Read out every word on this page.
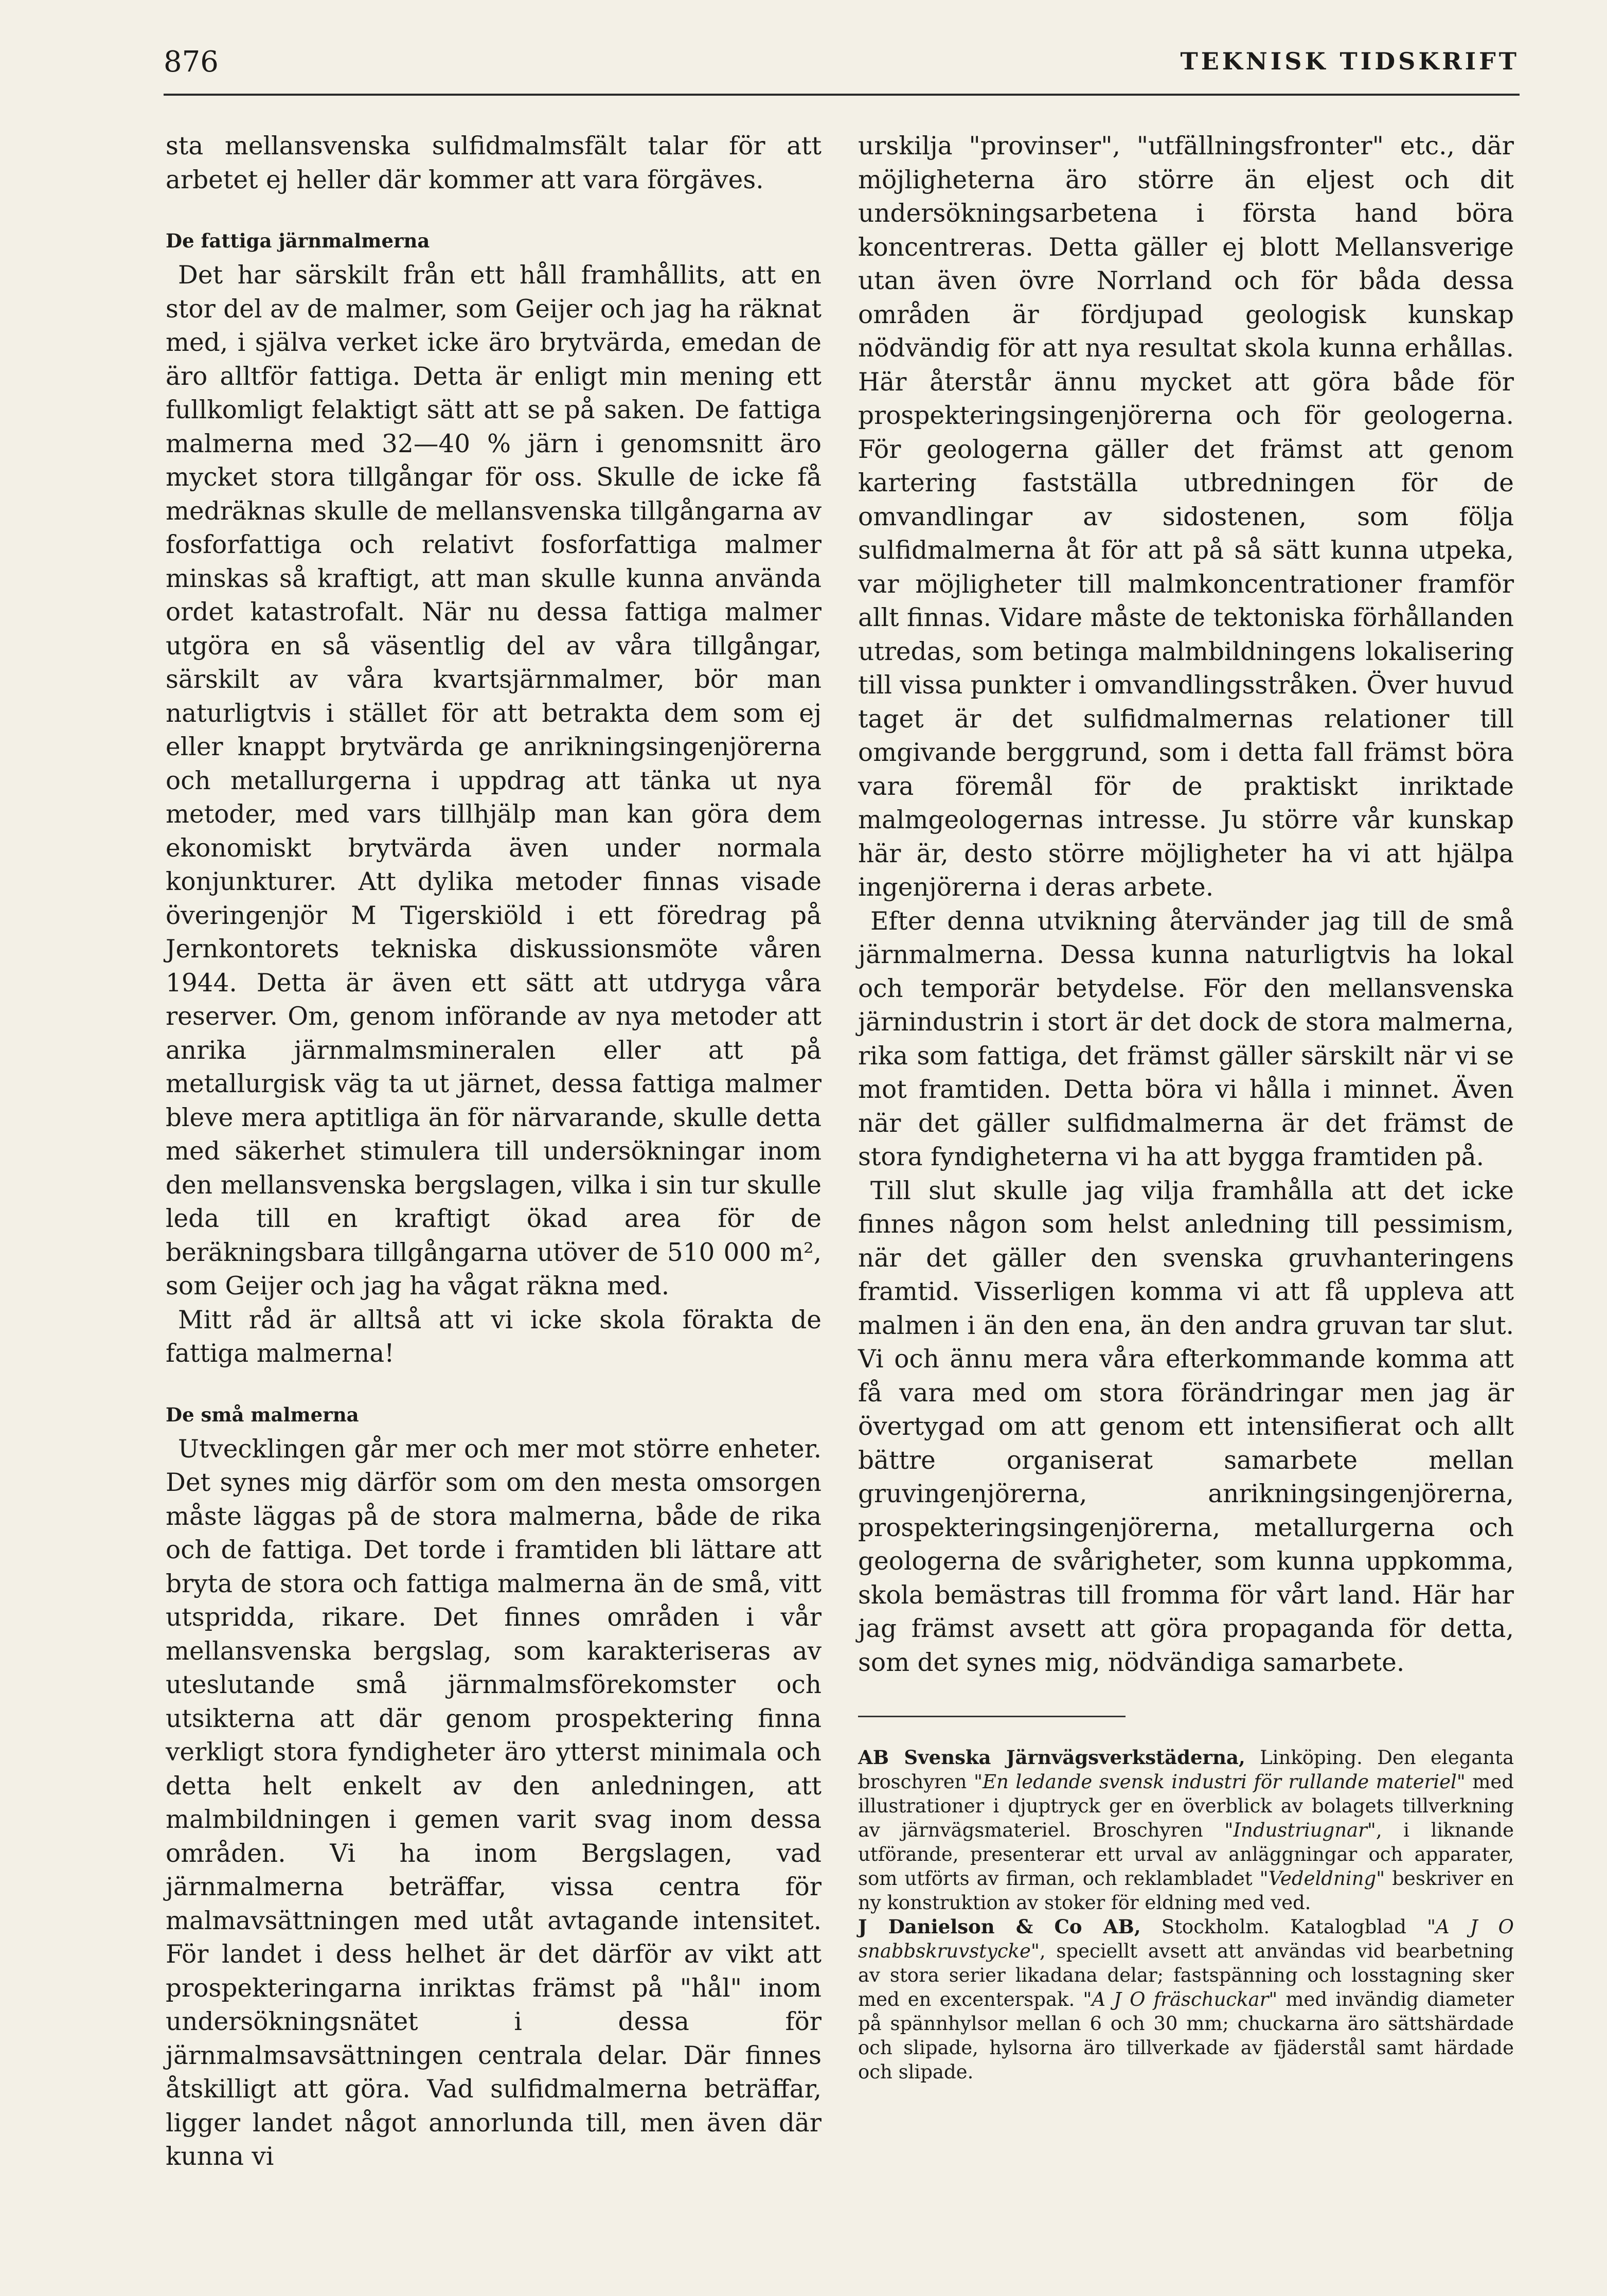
876	TEKNISK TIDSKRIFT

sta mellansvenska sulfidmalmsfält talar för att arbetet ej heller där kommer att vara förgäves.

De fattiga järnmalmerna

Det har särskilt från ett håll framhållits, att en stor del av de malmer, som Geijer och jag ha räknat med, i själva verket icke äro brytvärda, emedan de äro alltför fattiga. Detta är enligt min mening ett fullkomligt felaktigt sätt att se på saken. De fattiga malmerna med 32—40 % järn i genomsnitt äro mycket stora tillgångar för oss. Skulle de icke få medräknas skulle de mellansvenska tillgångarna av fosforfattiga och relativt fosforfattiga malmer minskas så kraftigt, att man skulle kunna använda ordet katastrofalt. När nu dessa fattiga malmer utgöra en så väsentlig del av våra tillgångar, särskilt av våra kvartsjärnmalmer, bör man naturligtvis i stället för att betrakta dem som ej eller knappt brytvärda ge anrikningsingenjörerna och metallurgerna i uppdrag att tänka ut nya metoder, med vars tillhjälp man kan göra dem ekonomiskt brytvärda även under normala konjunkturer. Att dylika metoder finnas visade överingenjör M Tigerskiöld i ett föredrag på Jernkontorets tekniska diskussionsmöte våren 1944. Detta är även ett sätt att utdryga våra reserver. Om, genom införande av nya metoder att anrika järnmalmsmineralen eller att på metallurgisk väg ta ut järnet, dessa fattiga malmer bleve mera aptitliga än för närvarande, skulle detta med säkerhet stimulera till undersökningar inom den mellansvenska bergslagen, vilka i sin tur skulle leda till en kraftigt ökad area för de beräkningsbara tillgångarna utöver de 510 000 m², som Geijer och jag ha vågat räkna med.

Mitt råd är alltså att vi icke skola förakta de fattiga malmerna!

De små malmerna

Utvecklingen går mer och mer mot större enheter. Det synes mig därför som om den mesta omsorgen måste läggas på de stora malmerna, både de rika och de fattiga. Det torde i framtiden bli lättare att bryta de stora och fattiga malmerna än de små, vitt utspridda, rikare. Det finnes områden i vår mellansvenska bergslag, som karakteriseras av uteslutande små järnmalmsförekomster och utsikterna att där genom prospektering finna verkligt stora fyndigheter äro ytterst minimala och detta helt enkelt av den anledningen, att malmbildningen i gemen varit svag inom dessa områden. Vi ha inom Bergslagen, vad järnmalmerna beträffar, vissa centra för malmavsättningen med utåt avtagande intensitet. För landet i dess helhet är det därför av vikt att prospekteringarna inriktas främst på "hål" inom undersökningsnätet i dessa för järnmalmsavsättningen centrala delar. Där finnes åtskilligt att göra. Vad sulfidmalmerna beträffar, ligger landet något annorlunda till, men även där kunna vi

urskilja "provinser", "utfällningsfronter" etc., där möjligheterna äro större än eljest och dit undersökningsarbetena i första hand böra koncentreras. Detta gäller ej blott Mellansverige utan även övre Norrland och för båda dessa områden är fördjupad geologisk kunskap nödvändig för att nya resultat skola kunna erhållas. Här återstår ännu mycket att göra både för prospekteringsingenjörerna och för geologerna. För geologerna gäller det främst att genom kartering fastställa utbredningen för de omvandlingar av sidostenen, som följa sulfidmalmerna åt för att på så sätt kunna utpeka, var möjligheter till malmkoncentrationer framför allt finnas. Vidare måste de tektoniska förhållanden utredas, som betinga malmbildningens lokalisering till vissa punkter i omvandlingsstråken. Över huvud taget är det sulfidmalmernas relationer till omgivande berggrund, som i detta fall främst böra vara föremål för de praktiskt inriktade malmgeologernas intresse. Ju större vår kunskap här är, desto större möjligheter ha vi att hjälpa ingenjörerna i deras arbete.

Efter denna utvikning återvänder jag till de små järnmalmerna. Dessa kunna naturligtvis ha lokal och temporär betydelse. För den mellansvenska järnindustrin i stort är det dock de stora malmerna, rika som fattiga, det främst gäller särskilt när vi se mot framtiden. Detta böra vi hålla i minnet. Även när det gäller sulfidmalmerna är det främst de stora fyndigheterna vi ha att bygga framtiden på.

Till slut skulle jag vilja framhålla att det icke finnes någon som helst anledning till pessimism, när det gäller den svenska gruvhanteringens framtid. Visserligen komma vi att få uppleva att malmen i än den ena, än den andra gruvan tar slut. Vi och ännu mera våra efterkommande komma att få vara med om stora förändringar men jag är övertygad om att genom ett intensifierat och allt bättre organiserat samarbete mellan gruvingenjörerna, anrikningsingenjörerna, prospekteringsingenjörerna, metallurgerna och geologerna de svårigheter, som kunna uppkomma, skola bemästras till fromma för vårt land. Här har jag främst avsett att göra propaganda för detta, som det synes mig, nödvändiga samarbete.

AB Svenska Järnvägsverkstäderna, Linköping. Den eleganta broschyren "En ledande svensk industri för rullande materiel" med illustrationer i djuptryck ger en överblick av bolagets tillverkning av järnvägsmateriel. Broschyren "Industriugnar", i liknande utförande, presenterar ett urval av anläggningar och apparater, som utförts av firman, och reklambladet "Vedeldning" beskriver en ny konstruktion av stoker för eldning med ved.

J Danielson & Co AB, Stockholm. Katalogblad "A J O snabbskruvstycke", speciellt avsett att användas vid bearbetning av stora serier likadana delar; fastspänning och losstagning sker med en excenterspak. "A J O fräschuckar" med invändig diameter på spännhylsor mellan 6 och 30 mm; chuckarna äro sättshärdade och slipade, hylsorna äro tillverkade av fjäderstål samt härdade och slipade.
